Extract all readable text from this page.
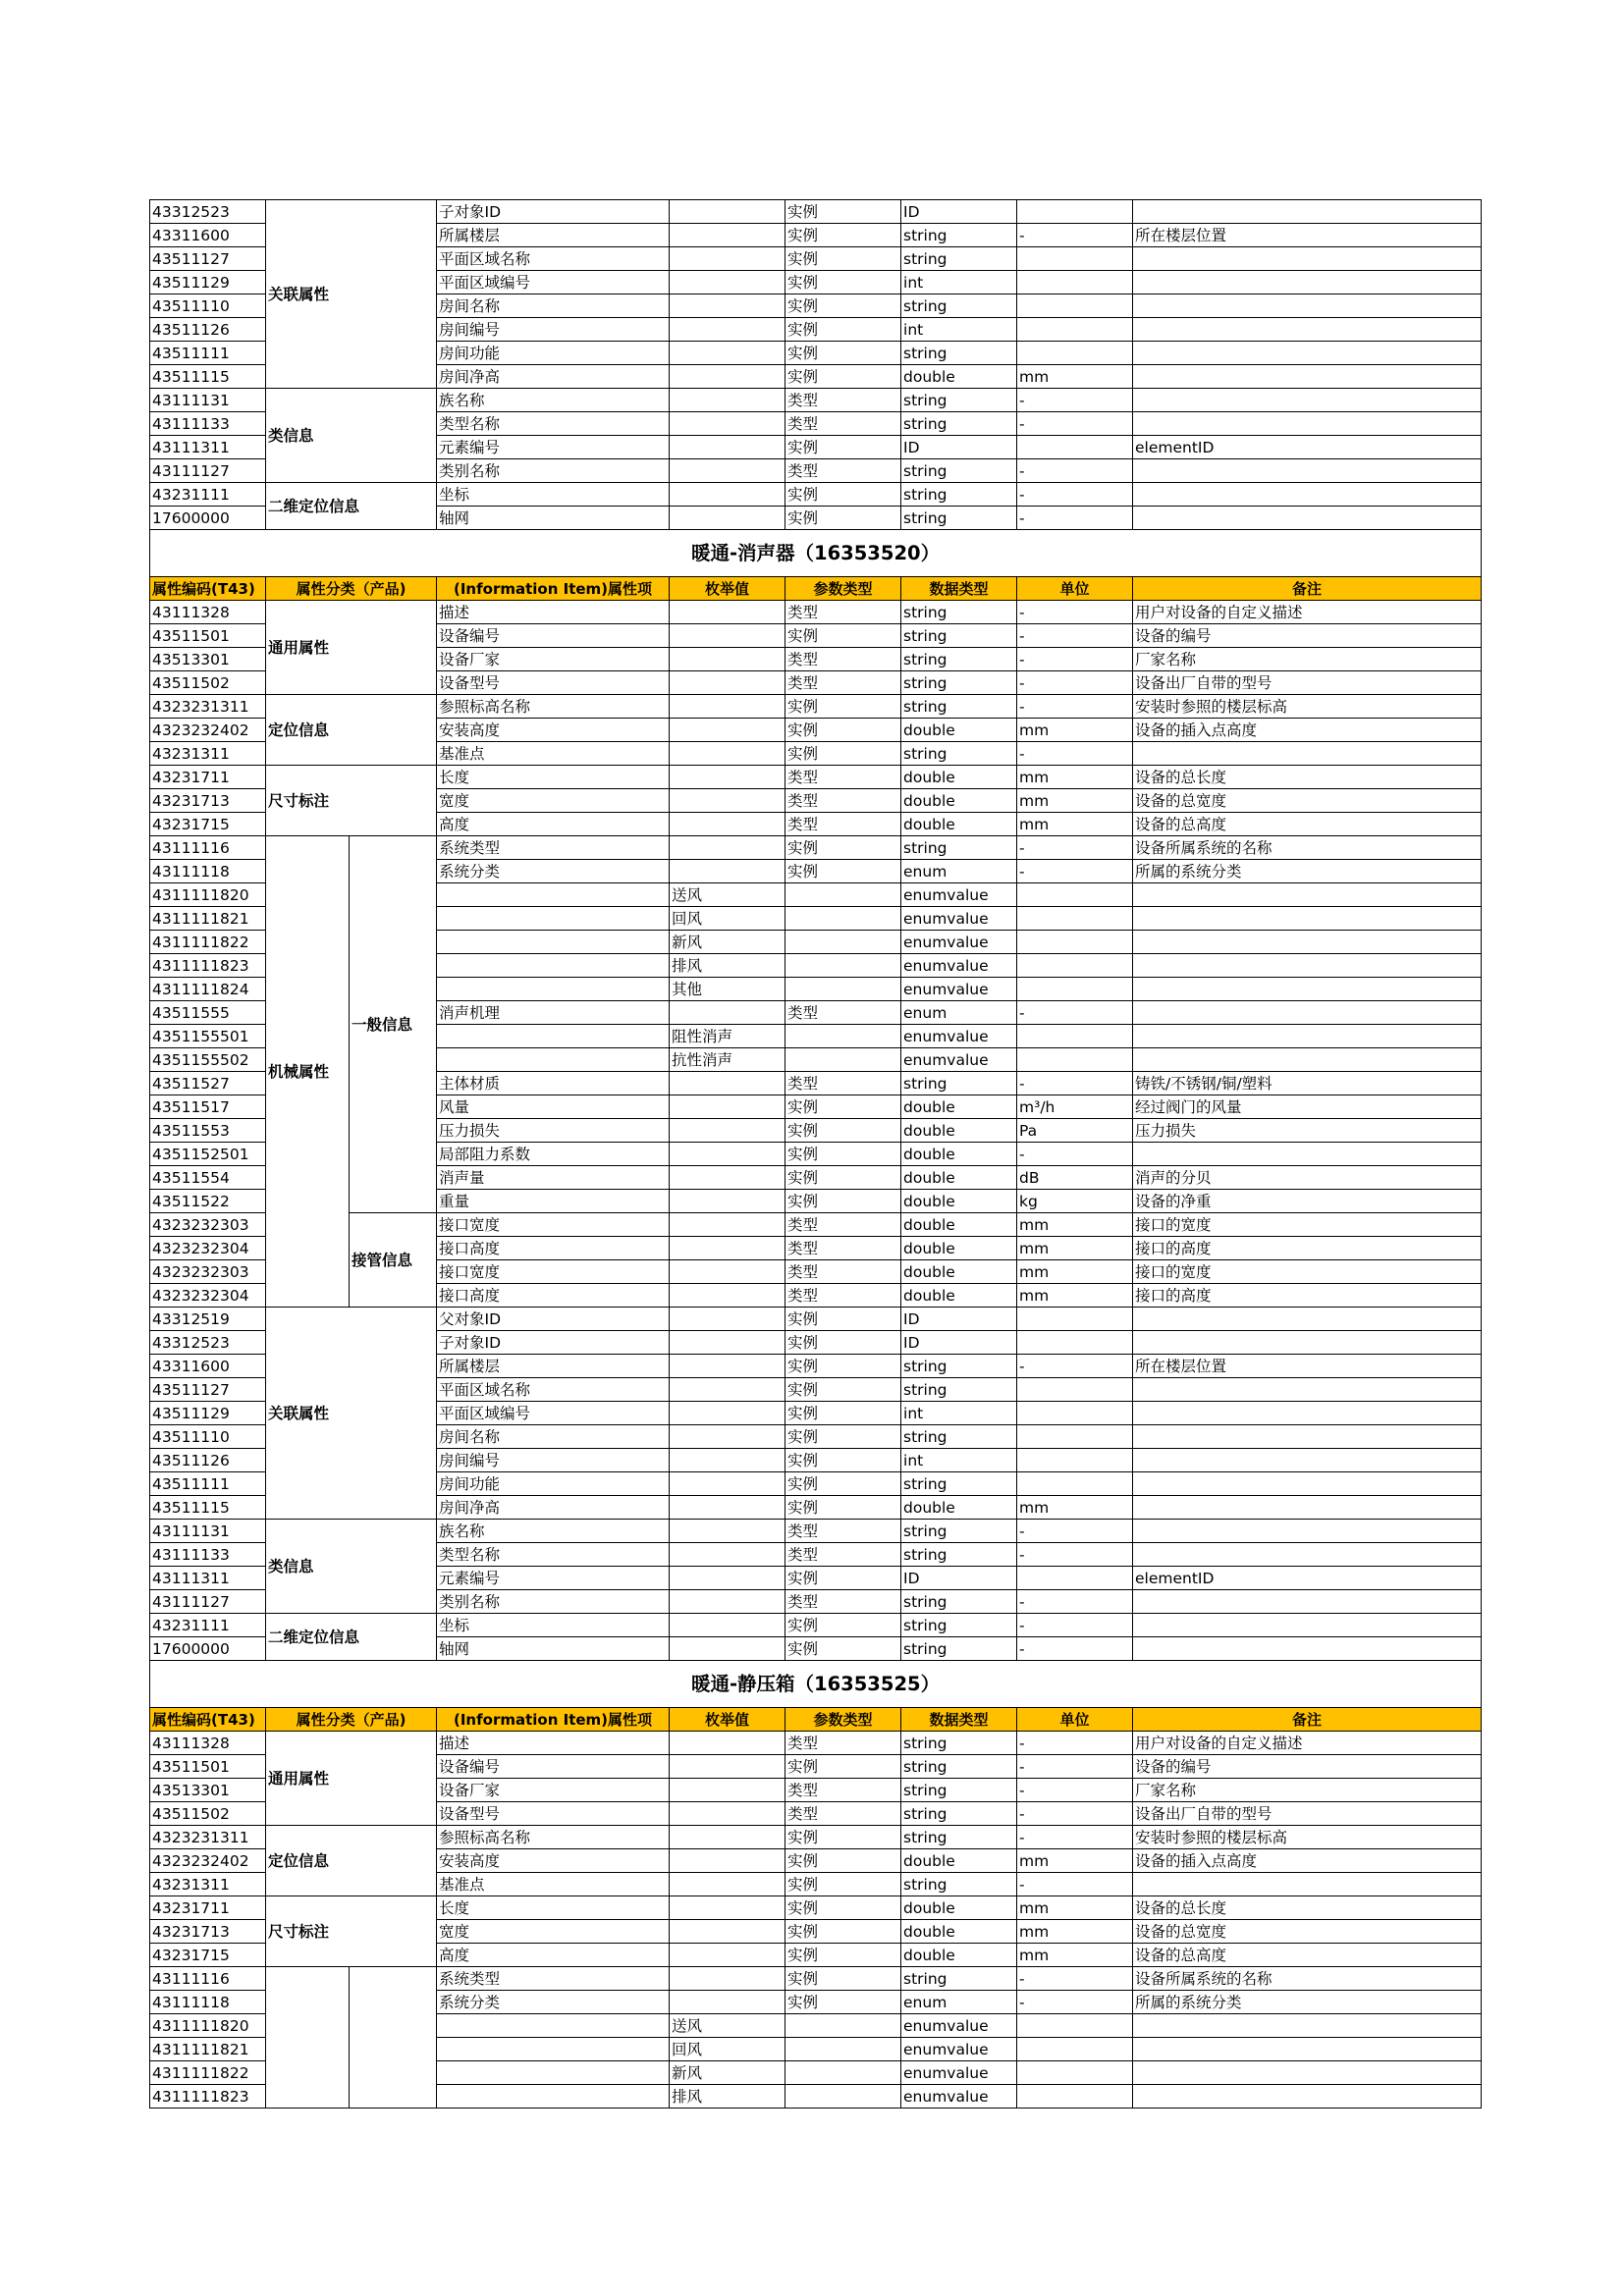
43312523	关联属性		子对象ID		实例	ID		
43311600			所属楼层		实例	string	-	所在楼层位置
43511127			平面区域名称		实例	string		
43511129			平面区域编号		实例	int		
43511110			房间名称		实例	string		
43511126			房间编号		实例	int		
43511111			房间功能		实例	string		
43511115			房间净高		实例	double	mm	
43111131	类信息		族名称		类型	string	-	
43111133			类型名称		类型	string	-	
43111311			元素编号		实例	ID		elementID
43111127			类别名称		类型	string	-	
43231111	二维定位信息		坐标		实例	string	-	
17600000			轴网		实例	string	-	
暖通-消声器（16353520）								
属性编码(T43)	属性分类（产品)		(Information Item)属性项	枚举值	参数类型	数据类型	单位	备注
43111328	通用属性		描述		类型	string	-	用户对设备的自定义描述
43511501			设备编号		实例	string	-	设备的编号
43513301			设备厂家		类型	string	-	厂家名称
43511502			设备型号		类型	string	-	设备出厂自带的型号
4323231311	定位信息		参照标高名称		实例	string	-	安装时参照的楼层标高
4323232402			安装高度		实例	double	mm	设备的插入点高度
43231311			基准点		实例	string	-	
43231711	尺寸标注		长度		类型	double	mm	设备的总长度
43231713			宽度		类型	double	mm	设备的总宽度
43231715			高度		类型	double	mm	设备的总高度
43111116	机械属性	一般信息	系统类型		实例	string	-	设备所属系统的名称
43111118			系统分类		实例	enum	-	所属的系统分类
4311111820				送风		enumvalue		
4311111821				回风		enumvalue		
4311111822				新风		enumvalue		
4311111823				排风		enumvalue		
4311111824				其他		enumvalue		
43511555			消声机理		类型	enum	-	
4351155501				阻性消声		enumvalue		
4351155502				抗性消声		enumvalue		
43511527			主体材质		类型	string	-	铸铁/不锈钢/铜/塑料
43511517			风量		实例	double	m³/h	经过阀门的风量
43511553			压力损失		实例	double	Pa	压力损失
4351152501			局部阻力系数		实例	double	-	
43511554			消声量		实例	double	dB	消声的分贝
43511522			重量		实例	double	kg	设备的净重
4323232303		接管信息	接口宽度		类型	double	mm	接口的宽度
4323232304			接口高度		类型	double	mm	接口的高度
4323232303			接口宽度		类型	double	mm	接口的宽度
4323232304			接口高度		类型	double	mm	接口的高度
43312519	关联属性		父对象ID		实例	ID		
43312523			子对象ID		实例	ID		
43311600			所属楼层		实例	string	-	所在楼层位置
43511127			平面区域名称		实例	string		
43511129			平面区域编号		实例	int		
43511110			房间名称		实例	string		
43511126			房间编号		实例	int		
43511111			房间功能		实例	string		
43511115			房间净高		实例	double	mm	
43111131	类信息		族名称		类型	string	-	
43111133			类型名称		类型	string	-	
43111311			元素编号		实例	ID		elementID
43111127			类别名称		类型	string	-	
43231111	二维定位信息		坐标		实例	string	-	
17600000			轴网		实例	string	-	
暖通-静压箱（16353525）								
属性编码(T43)	属性分类（产品)		(Information Item)属性项	枚举值	参数类型	数据类型	单位	备注
43111328	通用属性		描述		类型	string	-	用户对设备的自定义描述
43511501			设备编号		实例	string	-	设备的编号
43513301			设备厂家		类型	string	-	厂家名称
43511502			设备型号		类型	string	-	设备出厂自带的型号
4323231311	定位信息		参照标高名称		实例	string	-	安装时参照的楼层标高
4323232402			安装高度		实例	double	mm	设备的插入点高度
43231311			基准点		实例	string	-	
43231711	尺寸标注		长度		实例	double	mm	设备的总长度
43231713			宽度		实例	double	mm	设备的总宽度
43231715			高度		实例	double	mm	设备的总高度
43111116			系统类型		实例	string	-	设备所属系统的名称
43111118			系统分类		实例	enum	-	所属的系统分类
4311111820				送风		enumvalue		
4311111821				回风		enumvalue		
4311111822				新风		enumvalue		
4311111823				排风		enumvalue		
